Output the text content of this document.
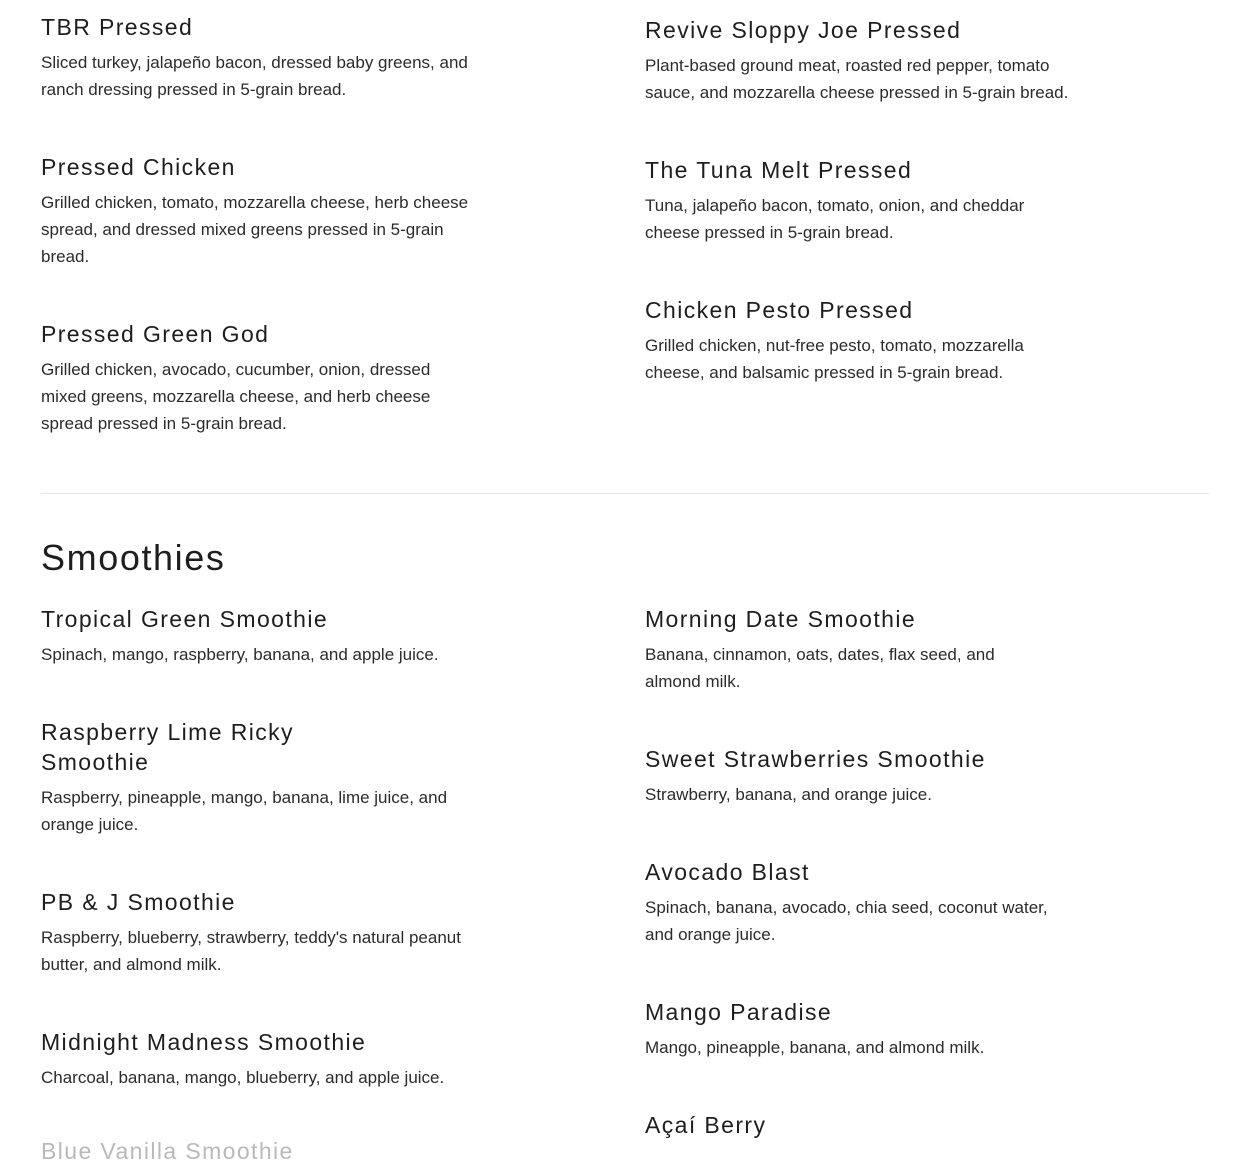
TBR Pressed
Sliced turkey, jalapeño bacon, dressed baby greens, and ranch dressing pressed in 5-grain bread.
Pressed Chicken
Grilled chicken, tomato, mozzarella cheese, herb cheese spread, and dressed mixed greens pressed in 5-grain bread.
Pressed Green God
Grilled chicken, avocado, cucumber, onion, dressed mixed greens, mozzarella cheese, and herb cheese spread pressed in 5-grain bread.
Revive Sloppy Joe Pressed
Plant-based ground meat, roasted red pepper, tomato sauce, and mozzarella cheese pressed in 5-grain bread.
The Tuna Melt Pressed
Tuna, jalapeño bacon, tomato, onion, and cheddar cheese pressed in 5-grain bread.
Chicken Pesto Pressed
Grilled chicken, nut-free pesto, tomato, mozzarella cheese, and balsamic pressed in 5-grain bread.
Smoothies
Tropical Green Smoothie
Spinach, mango, raspberry, banana, and apple juice.
Raspberry Lime Ricky Smoothie
Raspberry, pineapple, mango, banana, lime juice, and orange juice.
PB & J Smoothie
Raspberry, blueberry, strawberry, teddy's natural peanut butter, and almond milk.
Midnight Madness Smoothie
Charcoal, banana, mango, blueberry, and apple juice.
Blue Vanilla Smoothie
Morning Date Smoothie
Banana, cinnamon, oats, dates, flax seed, and almond milk.
Sweet Strawberries Smoothie
Strawberry, banana, and orange juice.
Avocado Blast
Spinach, banana, avocado, chia seed, coconut water, and orange juice.
Mango Paradise
Mango, pineapple, banana, and almond milk.
Açaí Berry
